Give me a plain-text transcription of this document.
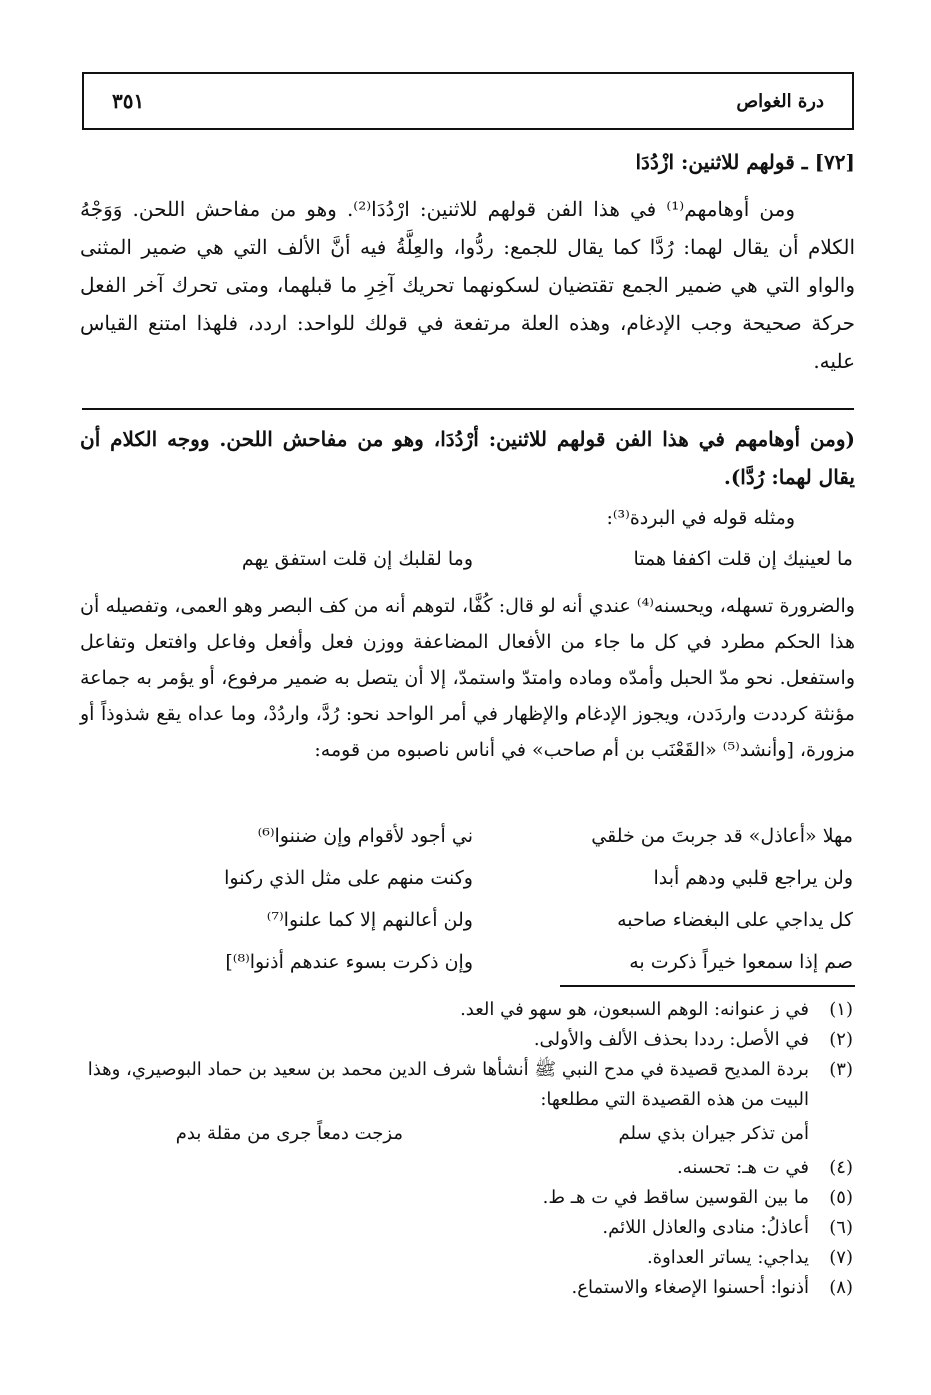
درة الغواص
٣٥١
[٧٢] ـ قولهم للاثنين: ازْدُدَا

ومن أوهامهم⁽¹⁾ في هذا الفن قولهم للاثنين: ارْدُدَا⁽²⁾. وهو من مفاحش اللحن. وَوَجْهُ الكلام أن يقال لهما: رُدَّا كما يقال للجمع: ردُّوا، والعِلَّةُ فيه أنَّ الألف التي هي ضمير المثنى والواو التي هي ضمير الجمع تقتضيان لسكونهما تحريك آخِرِ ما قبلهما، ومتى تحرك آخر الفعل حركة صحيحة وجب الإدغام، وهذه العلة مرتفعة في قولك للواحد: اردد، فلهذا امتنع القياس عليه.

(ومن أوهامهم في هذا الفن قولهم للاثنين: أرْدُدَا، وهو من مفاحش اللحن. ووجه الكلام أن يقال لهما: رُدَّا).
ومثله قوله في البردة⁽³⁾:
ما لعينيك إن قلت اكففا همتا
وما لقلبك إن قلت استفق يهم

والضرورة تسهله، ويحسنه⁽⁴⁾ عندي أنه لو قال: كُفَّا، لتوهم أنه من كف البصر وهو العمى، وتفصيله أن هذا الحكم مطرد في كل ما جاء من الأفعال المضاعفة ووزن فعل وأفعل وفاعل وافتعل وتفاعل واستفعل. نحو مدّ الحبل وأمدّه وماده وامتدّ واستمدّ، إلا أن يتصل به ضمير مرفوع، أو يؤمر به جماعة مؤنثة كرددت واردَدن، ويجوز الإدغام والإظهار في أمر الواحد نحو: رُدَّ، واردُدْ، وما عداه يقع شذوذاً أو مزورة، [وأنشد⁽⁵⁾ «القَعْنَب بن أم صاحب» في أناس ناصبوه من قومه:

مهلا «أعاذل» قد جربتَ من خلقي
ني أجود لأقوام وإن ضننوا⁽⁶⁾
ولن يراجع قلبي ودهم أبدا
وكنت منهم على مثل الذي ركنوا
كل يداجي على البغضاء صاحبه
ولن أعالنهم إلا كما علنوا⁽⁷⁾
صم إذا سمعوا خيراً ذكرت به
وإن ذكرت بسوء عندهم أذنوا⁽⁸⁾]
(١)
في ز عنوانه: الوهم السبعون، هو سهو في العد.
(٢)
في الأصل: رددا بحذف الألف والأولى.
(٣)
بردة المديح قصيدة في مدح النبي ﷺ أنشأها شرف الدين محمد بن سعيد بن حماد البوصيري، وهذا البيت من هذه القصيدة التي مطلعها:
أمن تذكر جيران بذي سلم
مزجت دمعاً جرى من مقلة بدم
(٤)
في ت هـ: تحسنه.
(٥)
ما بين القوسين ساقط في ت هـ ط.
(٦)
أعاذلُ: منادى والعاذل اللائم.
(٧)
يداجي: يساتر العداوة.
(٨)
أذنوا: أحسنوا الإصغاء والاستماع.
